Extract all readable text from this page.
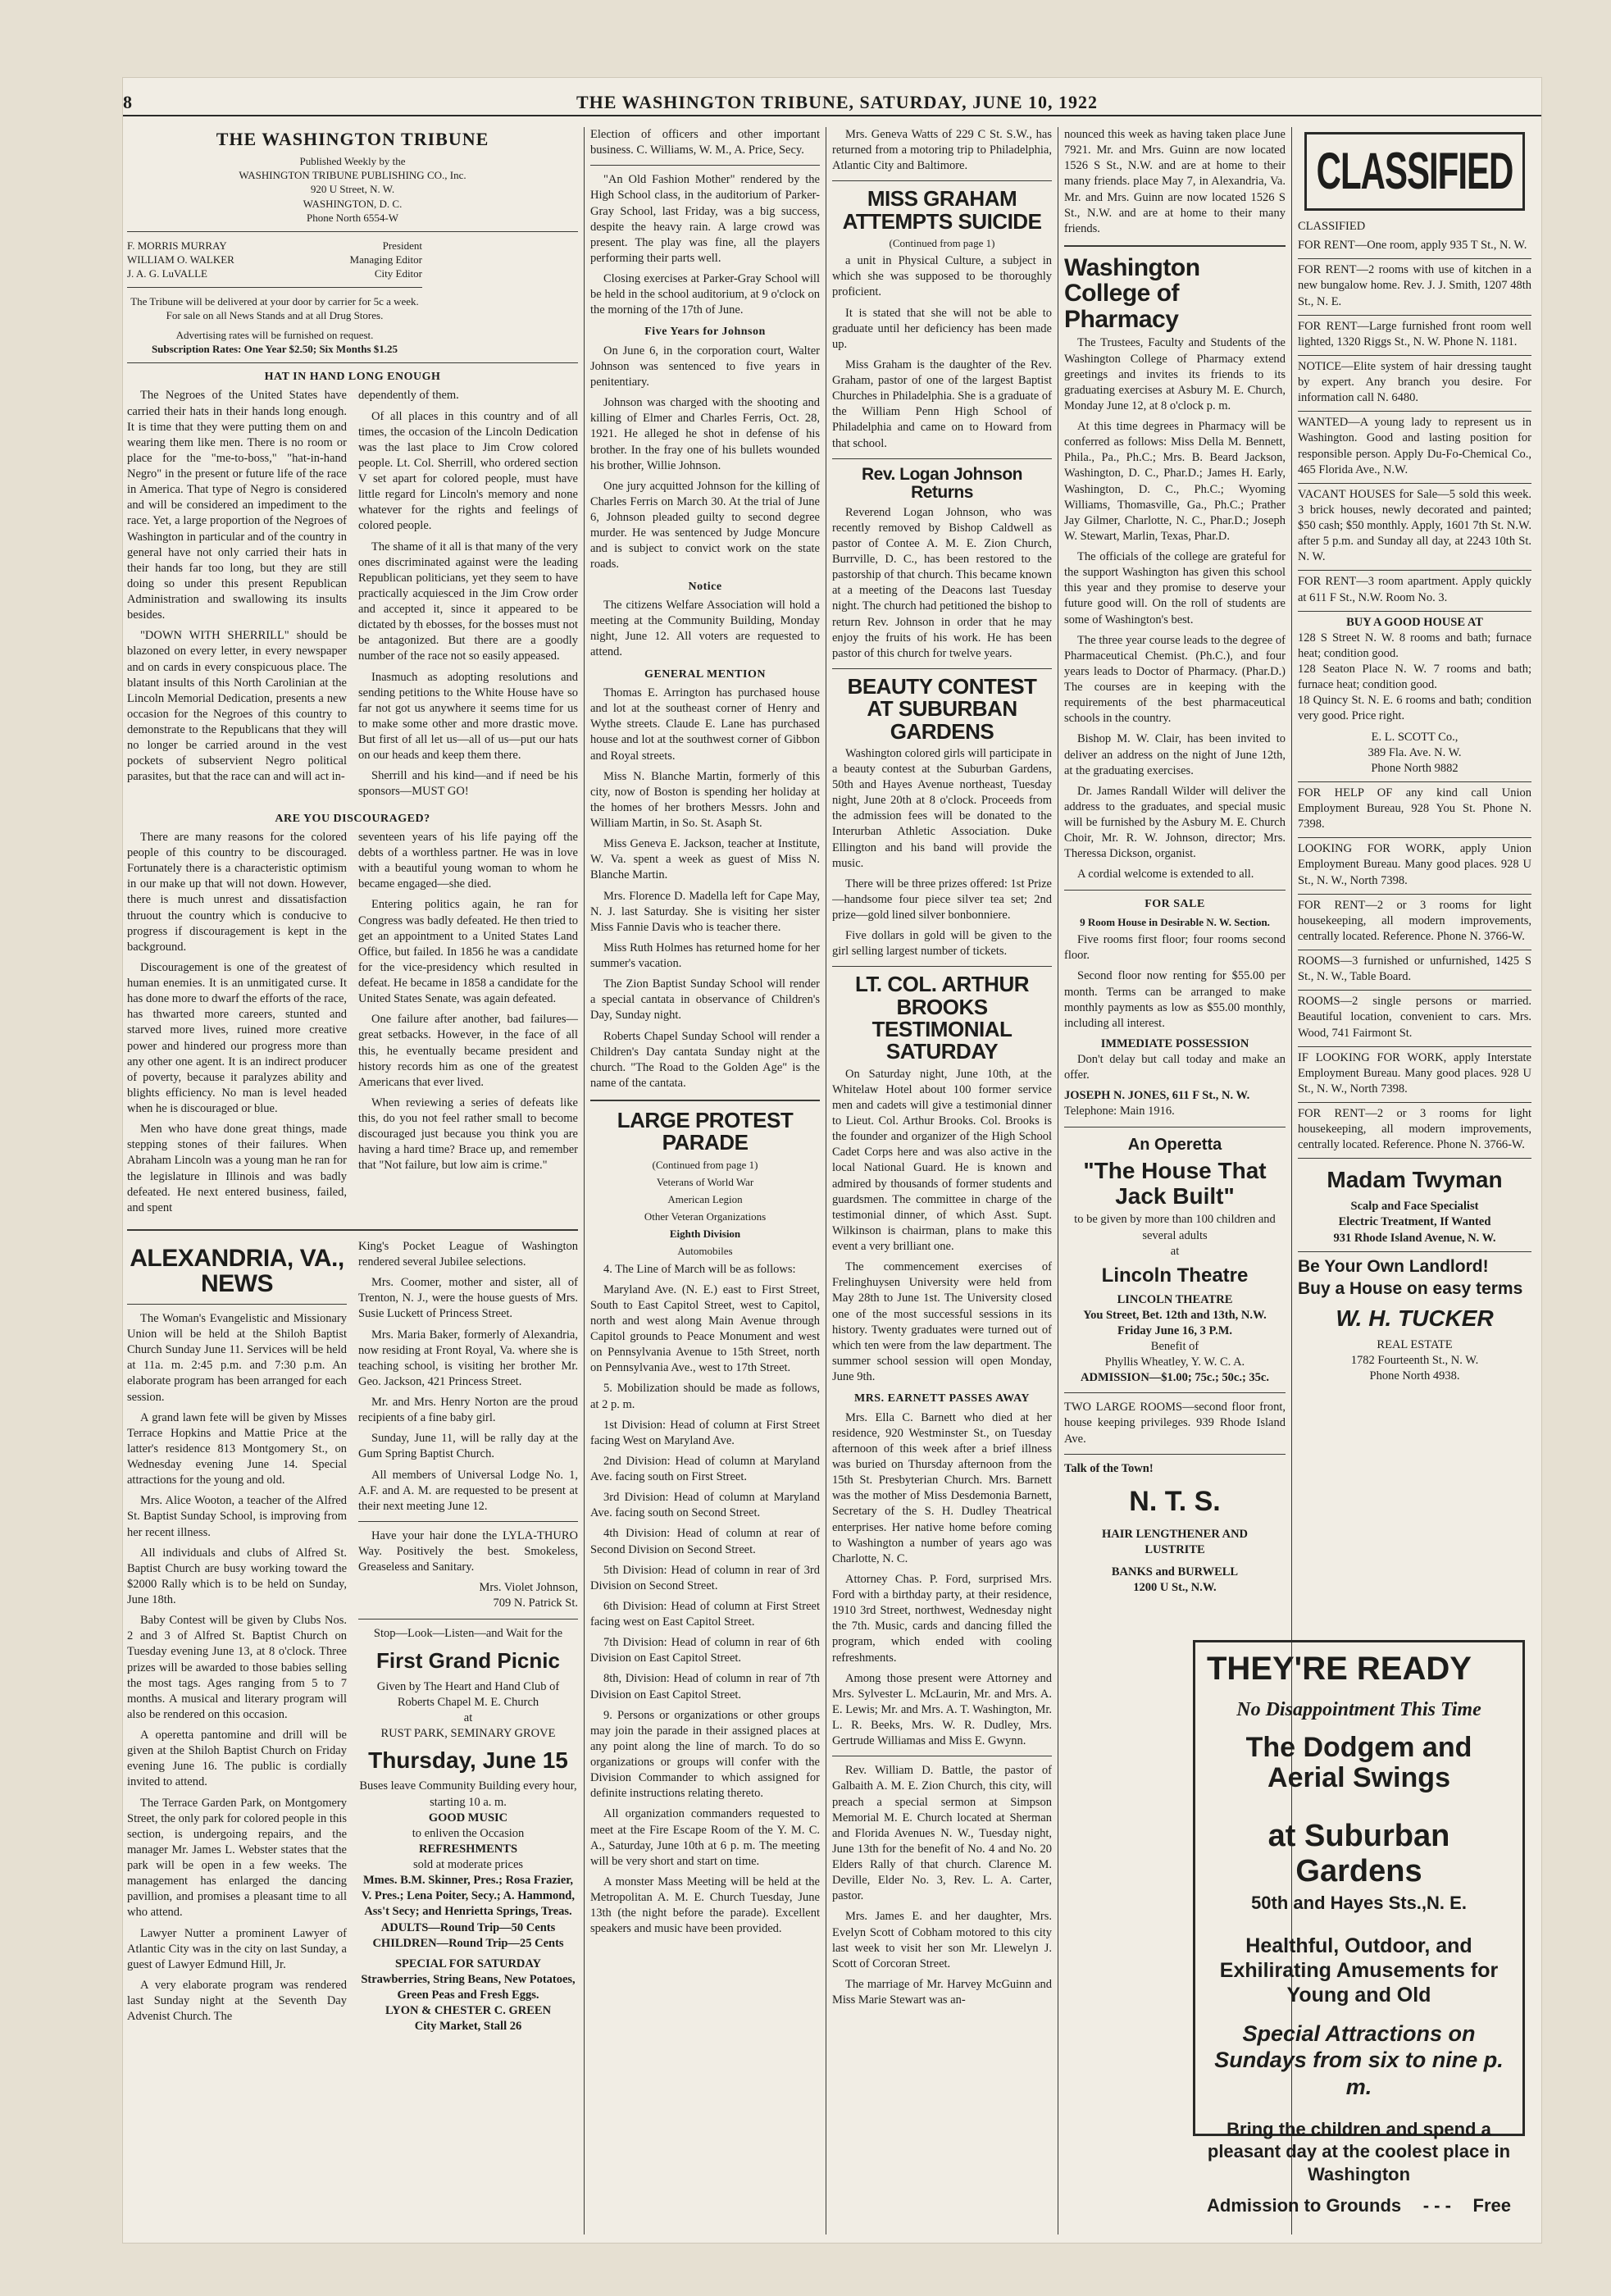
8	THE WASHINGTON TRIBUNE, SATURDAY, JUNE 10, 1922
THE WASHINGTON TRIBUNE
Published Weekly by the
WASHINGTON TRIBUNE PUBLISHING CO., Inc.
920 U Street, N. W.
WASHINGTON, D. C.
Phone North 6554-W
F. MORRIS MURRAY	President
WILLIAM O. WALKER	Managing Editor
J. A. G. LuVALLE	City Editor
The Tribune will be delivered at your door by carrier for 5c a week. For sale on all News Stands and at all Drug Stores.
Advertising rates will be furnished on request.
Subscription Rates: One Year $2.50; Six Months $1.25
HAT IN HAND LONG ENOUGH

The Negroes of the United States have carried their hats in their hands long enough. It is time that they were putting them on and wearing them like men. There is no room or place for the "me-to-boss," "hat-in-hand Negro" in the present or future life of the race in America. That type of Negro is considered and will be considered an impediment to the race. Yet, a large proportion of the Negroes of Washington in particular and of the country in general have not only carried their hats in their hands far too long, but they are still doing so under this present Republican Administration and swallowing its insults besides.

"DOWN WITH SHERRILL" should be blazoned on every letter, in every newspaper and on cards in every conspicuous place. The blatant insults of this North Carolinian at the Lincoln Memorial Dedication, presents a new occasion for the Negroes of this country to demonstrate to the Republicans that they will no longer be carried around in the vest pockets of subservient Negro political parasites, but that the race can and will act in-

dependently of them.

Of all places in this country and of all times, the occasion of the Lincoln Dedication was the last place to Jim Crow colored people. Lt. Col. Sherrill, who ordered section V set apart for colored people, must have little regard for Lincoln's memory and none whatever for the rights and feelings of colored people.

The shame of it all is that many of the very ones discriminated against were the leading Republican politicians, yet they seem to have practically acquiesced in the Jim Crow order and accepted it, since it appeared to be dictated by th ebosses, for the bosses must not be antagonized. But there are a goodly number of the race not so easily appeased.

Inasmuch as adopting resolutions and sending petitions to the White House have so far not got us anywhere it seems time for us to make some other and more drastic move. But first of all let us—all of us—put our hats on our heads and keep them there.

Sherrill and his kind—and if need be his sponsors—MUST GO!

ARE YOU DISCOURAGED?

There are many reasons for the colored people of this country to be discouraged. Fortunately there is a characteristic optimism in our make up that will not down. However, there is much unrest and dissatisfaction thruout the country which is conducive to progress if discouragement is kept in the background.

Discouragement is one of the greatest of human enemies. It is an unmitigated curse. It has done more to dwarf the efforts of the race, has thwarted more careers, stunted and starved more lives, ruined more creative power and hindered our progress more than any other one agent. It is an indirect producer of poverty, because it paralyzes ability and blights efficiency. No man is level headed when he is discouraged or blue.

Men who have done great things, made stepping stones of their failures. When Abraham Lincoln was a young man he ran for the legislature in Illinois and was badly defeated. He next entered business, failed, and spent

seventeen years of his life paying off the debts of a worthless partner. He was in love with a beautiful young woman to whom he became engaged—she died.

Entering politics again, he ran for Congress was badly defeated. He then tried to get an appointment to a United States Land Office, but failed. In 1856 he was a candidate for the vice-presidency which resulted in defeat. He became in 1858 a candidate for the United States Senate, was again defeated.

One failure after another, bad failures—great setbacks. However, in the face of all this, he eventually became president and history records him as one of the greatest Americans that ever lived.

When reviewing a series of defeats like this, do you not feel rather small to become discouraged just because you think you are having a hard time? Brace up, and remember that "Not failure, but low aim is crime."

ALEXANDRIA, VA., NEWS

The Woman's Evangelistic and Missionary Union will be held at the Shiloh Baptist Church Sunday June 11. Services will be held at 11a. m. 2:45 p.m. and 7:30 p.m. An elaborate program has been arranged for each session.

A grand lawn fete will be given by Misses Terrace Hopkins and Mattie Price at the latter's residence 813 Montgomery St., on Wednesday evening June 14. Special attractions for the young and old.

Mrs. Alice Wooton, a teacher of the Alfred St. Baptist Sunday School, is improving from her recent illness.

All individuals and clubs of Alfred St. Baptist Church are busy working toward the $2000 Rally which is to be held on Sunday, June 18th.

Baby Contest will be given by Clubs Nos. 2 and 3 of Alfred St. Baptist Church on Tuesday evening June 13, at 8 o'clock. Three prizes will be awarded to those babies selling the most tags. Ages ranging from 5 to 7 months. A musical and literary program will also be rendered on this occasion.

A operetta pantomine and drill will be given at the Shiloh Baptist Church on Friday evening June 16. The public is cordially invited to attend.

The Terrace Garden Park, on Montgomery Street, the only park for colored people in this section, is undergoing repairs, and the manager Mr. James L. Webster states that the park will be open in a few weeks. The management has enlarged the dancing pavillion, and promises a pleasant time to all who attend.

Lawyer Nutter a prominent Lawyer of Atlantic City was in the city on last Sunday, a guest of Lawyer Edmund Hill, Jr.

A very elaborate program was rendered last Sunday night at the Seventh Day Advenist Church. The

King's Pocket League of Washington rendered several Jubilee selections.

Mrs. Coomer, mother and sister, all of Trenton, N. J., were the house guests of Mrs. Susie Luckett of Princess Street.

Mrs. Maria Baker, formerly of Alexandria, now residing at Front Royal, Va. where she is teaching school, is visiting her brother Mr. Geo. Jackson, 421 Princess Street.

Mr. and Mrs. Henry Norton are the proud recipients of a fine baby girl.

Sunday, June 11, will be rally day at the Gum Spring Baptist Church.

All members of Universal Lodge No. 1, A.F. and A. M. are requested to be present at their next meeting June 12.

Have your hair done the LYLA-THURO Way. Positively the best. Smokeless, Greaseless and Sanitary.

Mrs. Violet Johnson,
709 N. Patrick St.
Stop—Look—Listen—and Wait for the
First Grand Picnic
Given by The Heart and Hand Club of Roberts Chapel M. E. Church
at
RUST PARK, SEMINARY GROVE
Thursday, June 15
Buses leave Community Building every hour, starting 10 a. m.
GOOD MUSIC
to enliven the Occasion
REFRESHMENTS
sold at moderate prices
Mmes. B.M. Skinner, Pres.; Rosa Frazier, V. Pres.; Lena Poiter, Secy.; A. Hammond, Ass't Secy; and Henrietta Springs, Treas.
ADULTS—Round Trip—50 Cents
CHILDREN—Round Trip—25 Cents
SPECIAL FOR SATURDAY
Strawberries, String Beans, New Potatoes, Green Peas and Fresh Eggs.
LYON & CHESTER C. GREEN
City Market, Stall 26

Election of officers and other important business. C. Williams, W. M., A. Price, Secy.

"An Old Fashion Mother" rendered by the High School class, in the auditorium of Parker-Gray School, last Friday, was a big success, despite the heavy rain. A large crowd was present. The play was fine, all the players performing their parts well.

Closing exercises at Parker-Gray School will be held in the school auditorium, at 9 o'clock on the morning of the 17th of June.

Five Years for Johnson

On June 6, in the corporation court, Walter Johnson was sentenced to five years in penitentiary.

Johnson was charged with the shooting and killing of Elmer and Charles Ferris, Oct. 28, 1921. He alleged he shot in defense of his brother. In the fray one of his bullets wounded his brother, Willie Johnson.

One jury acquitted Johnson for the killing of Charles Ferris on March 30. At the trial of June 6, Johnson pleaded guilty to second degree murder. He was sentenced by Judge Moncure and is subject to convict work on the state roads.

Notice

The citizens Welfare Association will hold a meeting at the Community Building, Monday night, June 12. All voters are requested to attend.

GENERAL MENTION

Thomas E. Arrington has purchased house and lot at the southeast corner of Henry and Wythe streets. Claude E. Lane has purchased house and lot at the southwest corner of Gibbon and Royal streets.

Miss N. Blanche Martin, formerly of this city, now of Boston is spending her holiday at the homes of her brothers Messrs. John and William Martin, in So. St. Asaph St.

Miss Geneva E. Jackson, teacher at Institute, W. Va. spent a week as guest of Miss N. Blanche Martin.

Mrs. Florence D. Madella left for Cape May, N. J. last Saturday. She is visiting her sister Miss Fannie Davis who is teacher there.

Miss Ruth Holmes has returned home for her summer's vacation.

The Zion Baptist Sunday School will render a special cantata in observance of Children's Day, Sunday night.

Roberts Chapel Sunday School will render a Children's Day cantata Sunday night at the church. "The Road to the Golden Age" is the name of the cantata.

LARGE PROTEST PARADE
(Continued from page 1)
Veterans of World War
American Legion
Other Veteran Organizations
Eighth Division
Automobiles

4. The Line of March will be as follows:

Maryland Ave. (N. E.) east to First Street, South to East Capitol Street, west to Capitol, north and west along Main Avenue through Capitol grounds to Peace Monument and west on Pennsylvania Avenue to 15th Street, north on Pennsylvania Ave., west to 17th Street.

5. Mobilization should be made as follows, at 2 p. m.

1st Division: Head of column at First Street facing West on Maryland Ave.

2nd Division: Head of column at Maryland Ave. facing south on First Street.

3rd Division: Head of column at Maryland Ave. facing south on Second Street.

4th Division: Head of column at rear of Second Division on Second Street.

5th Division: Head of column in rear of 3rd Division on Second Street.

6th Division: Head of column at First Street facing west on East Capitol Street.

7th Division: Head of column in rear of 6th Division on East Capitol Street.

8th, Division: Head of column in rear of 7th Division on East Capitol Street.

9. Persons or organizations or other groups may join the parade in their assigned places at any point along the line of march. To do so organizations or groups will confer with the Division Commander to which assigned for definite instructions relating thereto.

All organization commanders requested to meet at the Fire Escape Room of the Y. M. C. A., Saturday, June 10th at 6 p. m. The meeting will be very short and start on time.

A monster Mass Meeting will be held at the Metropolitan A. M. E. Church Tuesday, June 13th (the night before the parade). Excellent speakers and music have been provided.

Mrs. Geneva Watts of 229 C St. S.W., has returned from a motoring trip to Philadelphia, Atlantic City and Baltimore.

MISS GRAHAM ATTEMPTS SUICIDE
(Continued from page 1)

a unit in Physical Culture, a subject in which she was supposed to be thoroughly proficient.

It is stated that she will not be able to graduate until her deficiency has been made up.

Miss Graham is the daughter of the Rev. Graham, pastor of one of the largest Baptist Churches in Philadelphia. She is a graduate of the William Penn High School of Philadelphia and came on to Howard from that school.

Rev. Logan Johnson Returns

Reverend Logan Johnson, who was recently removed by Bishop Caldwell as pastor of Contee A. M. E. Zion Church, Burrville, D. C., has been restored to the pastorship of that church. This became known at a meeting of the Deacons last Tuesday night. The church had petitioned the bishop to return Rev. Johnson in order that he may enjoy the fruits of his work. He has been pastor of this church for twelve years.

BEAUTY CONTEST AT SUBURBAN GARDENS

Washington colored girls will participate in a beauty contest at the Suburban Gardens, 50th and Hayes Avenue northeast, Tuesday night, June 20th at 8 o'clock. Proceeds from the admission fees will be donated to the Interurban Athletic Association. Duke Ellington and his band will provide the music.

There will be three prizes offered: 1st Prize—handsome four piece silver tea set; 2nd prize—gold lined silver bonbonniere.

Five dollars in gold will be given to the girl selling largest number of tickets.

LT. COL. ARTHUR BROOKS TESTIMONIAL SATURDAY

On Saturday night, June 10th, at the Whitelaw Hotel about 100 former service men and cadets will give a testimonial dinner to Lieut. Col. Arthur Brooks. Col. Brooks is the founder and organizer of the High School Cadet Corps here and was also active in the local National Guard. He is known and admired by thousands of former students and guardsmen. The committee in charge of the testimonial dinner, of which Asst. Supt. Wilkinson is chairman, plans to make this event a very brilliant one.

The commencement exercises of Frelinghuysen University were held from May 28th to June 1st. The University closed one of the most successful sessions in its history. Twenty graduates were turned out of which ten were from the law department. The summer school session will open Monday, June 9th.

MRS. EARNETT PASSES AWAY

Mrs. Ella C. Barnett who died at her residence, 920 Westminster St., on Tuesday afternoon of this week after a brief illness was buried on Thursday afternoon from the 15th St. Presbyterian Church. Mrs. Barnett was the mother of Miss Desdemonia Barnett, Secretary of the S. H. Dudley Theatrical enterprises. Her native home before coming to Washington a number of years ago was Charlotte, N. C.

Attorney Chas. P. Ford, surprised Mrs. Ford with a birthday party, at their residence, 1910 3rd Street, northwest, Wednesday night the 7th. Music, cards and dancing filled the program, which ended with cooling refreshments.

Among those present were Attorney and Mrs. Sylvester L. McLaurin, Mr. and Mrs. A. E. Lewis; Mr. and Mrs. A. T. Washington, Mr. L. R. Beeks, Mrs. W. R. Dudley, Mrs. Gertrude Williamas and Miss E. Gwynn.

Rev. William D. Battle, the pastor of Galbaith A. M. E. Zion Church, this city, will preach a special sermon at Simpson Memorial M. E. Church located at Sherman and Florida Avenues N. W., Tuesday night, June 13th for the benefit of No. 4 and No. 20 Elders Rally of that church. Clarence M. Deville, Elder No. 3, Rev. L. A. Carter, pastor.

Mrs. James E. and her daughter, Mrs. Evelyn Scott of Cobham motored to this city last week to visit her son Mr. Llewelyn J. Scott of Corcoran Street.

The marriage of Mr. Harvey McGuinn and Miss Marie Stewart was an-

nounced this week as having taken place June 7921. Mr. and Mrs. Guinn are now located 1526 S St., N.W. and are at home to their many friends. place May 7, in Alexandria, Va. Mr. and Mrs. Guinn are now located 1526 S St., N.W. and are at home to their many friends.

Washington College of Pharmacy

The Trustees, Faculty and Students of the Washington College of Pharmacy extend greetings and invites its friends to its graduating exercises at Asbury M. E. Church, Monday June 12, at 8 o'clock p. m.

At this time degrees in Pharmacy will be conferred as follows: Miss Della M. Bennett, Phila., Pa., Ph.C.; Mrs. B. Beard Jackson, Washington, D. C., Phar.D.; James H. Early, Washington, D. C., Ph.C.; Wyoming Williams, Thomasville, Ga., Ph.C.; Prather Jay Gilmer, Charlotte, N. C., Phar.D.; Joseph W. Stewart, Marlin, Texas, Phar.D.

The officials of the college are grateful for the support Washington has given this school this year and they promise to deserve your future good will. On the roll of students are some of Washington's best.

The three year course leads to the degree of Pharmaceutical Chemist. (Ph.C.), and four years leads to Doctor of Pharmacy. (Phar.D.) The courses are in keeping with the requirements of the best pharmaceutical schools in the country.

Bishop M. W. Clair, has been invited to deliver an address on the night of June 12th, at the graduating exercises.

Dr. James Randall Wilder will deliver the address to the graduates, and special music will be furnished by the Asbury M. E. Church Choir, Mr. R. W. Johnson, director; Mrs. Theressa Dickson, organist.

A cordial welcome is extended to all.

FOR SALE
9 Room House in Desirable N. W. Section.

Five rooms first floor; four rooms second floor.

Second floor now renting for $55.00 per month. Terms can be arranged to make monthly payments as low as $55.00 monthly, including all interest.

IMMEDIATE POSSESSION

Don't delay but call today and make an offer.

JOSEPH N. JONES, 611 F St., N. W.
Telephone: Main 1916.
An Operetta
"The House That Jack Built"
to be given by more than 100 children and several adults
at
Lincoln Theatre
LINCOLN THEATRE
You Street, Bet. 12th and 13th, N.W.
Friday June 16, 3 P.M.
Benefit of
Phyllis Wheatley, Y. W. C. A.
ADMISSION—$1.00; 75c.; 50c.; 35c.

TWO LARGE ROOMS—second floor front, house keeping privileges. 939 Rhode Island Ave.

Talk of the Town!
N. T. S.
HAIR LENGTHENER AND
LUSTRITE
BANKS and BURWELL
1200 U St., N.W.
CLASSIFIED
CLASSIFIED

FOR RENT—One room, apply 935 T St., N. W.

FOR RENT—2 rooms with use of kitchen in a new bungalow home. Rev. J. J. Smith, 1207 48th St., N. E.

FOR RENT—Large furnished front room well lighted, 1320 Riggs St., N. W. Phone N. 1181.

NOTICE—Elite system of hair dressing taught by expert. Any branch you desire. For information call N. 6480.

WANTED—A young lady to represent us in Washington. Good and lasting position for responsible person. Apply Du-Fo-Chemical Co., 465 Florida Ave., N.W.

VACANT HOUSES for Sale—5 sold this week. 3 brick houses, newly decorated and painted; $50 cash; $50 monthly. Apply, 1601 7th St. N.W. after 5 p.m. and Sunday all day, at 2243 10th St. N. W.

FOR RENT—3 room apartment. Apply quickly at 611 F St., N.W. Room No. 3.

BUY A GOOD HOUSE AT

128 S Street N. W. 8 rooms and bath; furnace heat; condition good.

128 Seaton Place N. W. 7 rooms and bath; furnace heat; condition good.

18 Quincy St. N. E. 6 rooms and bath; condition very good. Price right.

E. L. SCOTT Co.,
389 Fla. Ave. N. W.
Phone North 9882

FOR HELP OF any kind call Union Employment Bureau, 928 You St. Phone N. 7398.

LOOKING FOR WORK, apply Union Employment Bureau. Many good places. 928 U St., N. W., North 7398.

FOR RENT—2 or 3 rooms for light housekeeping, all modern improvements, centrally located. Reference. Phone N. 3766-W.

ROOMS—3 furnished or unfurnished, 1425 S St., N. W., Table Board.

ROOMS—2 single persons or married. Beautiful location, convenient to cars. Mrs. Wood, 741 Fairmont St.

IF LOOKING FOR WORK, apply Interstate Employment Bureau. Many good places. 928 U St., N. W., North 7398.

FOR RENT—2 or 3 rooms for light housekeeping, all modern improvements, centrally located. Reference. Phone N. 3766-W.

Madam Twyman
Scalp and Face Specialist
Electric Treatment, If Wanted
931 Rhode Island Avenue, N. W.
Be Your Own Landlord!
Buy a House on easy terms
W. H. TUCKER
REAL ESTATE
1782 Fourteenth St., N. W.
Phone North 4938.
THEY'RE READY
No Disappointment This Time
The Dodgem and Aerial Swings
at Suburban Gardens
50th and Hayes Sts.,N. E.
Healthful, Outdoor, and Exhilirating Amusements for Young and Old
Special Attractions on Sundays from six to nine p. m.
Bring the children and spend a pleasant day at the coolest place in Washington
Admission to Grounds - - - Free
